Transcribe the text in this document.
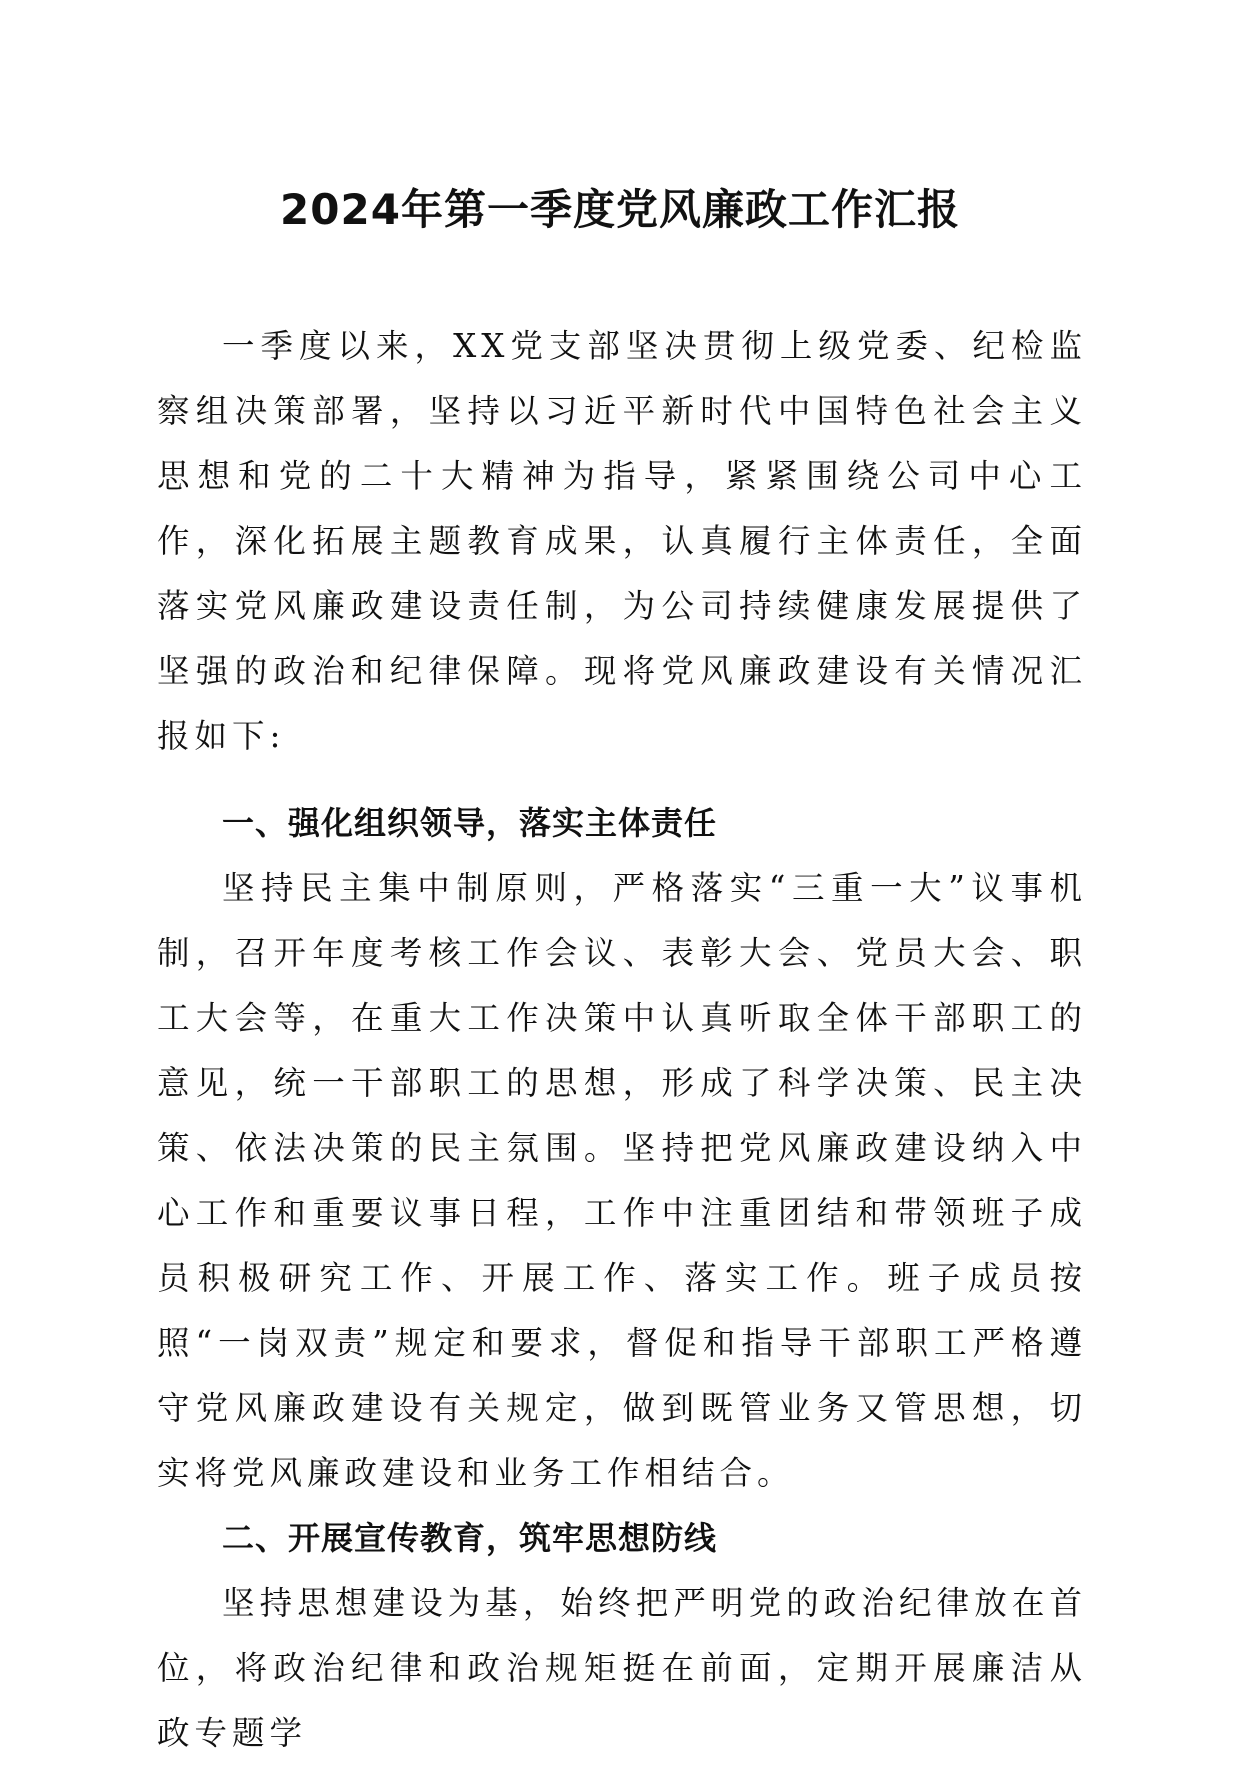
2024年第一季度党风廉政工作汇报

一季度以来，XX党支部坚决贯彻上级党委、纪检监察组决策部署，坚持以习近平新时代中国特色社会主义思想和党的二十大精神为指导，紧紧围绕公司中心工作，深化拓展主题教育成果，认真履行主体责任，全面落实党风廉政建设责任制，为公司持续健康发展提供了坚强的政治和纪律保障。现将党风廉政建设有关情况汇报如下:

一、强化组织领导，落实主体责任

坚持民主集中制原则，严格落实“三重一大”议事机制，召开年度考核工作会议、表彰大会、党员大会、职工大会等，在重大工作决策中认真听取全体干部职工的意见，统一干部职工的思想，形成了科学决策、民主决策、依法决策的民主氛围。坚持把党风廉政建设纳入中心工作和重要议事日程，工作中注重团结和带领班子成员积极研究工作、开展工作、落实工作。班子成员按照“一岗双责”规定和要求，督促和指导干部职工严格遵守党风廉政建设有关规定，做到既管业务又管思想，切实将党风廉政建设和业务工作相结合。

二、开展宣传教育，筑牢思想防线

坚持思想建设为基，始终把严明党的政治纪律放在首位，将政治纪律和政治规矩挺在前面，定期开展廉洁从政专题学
